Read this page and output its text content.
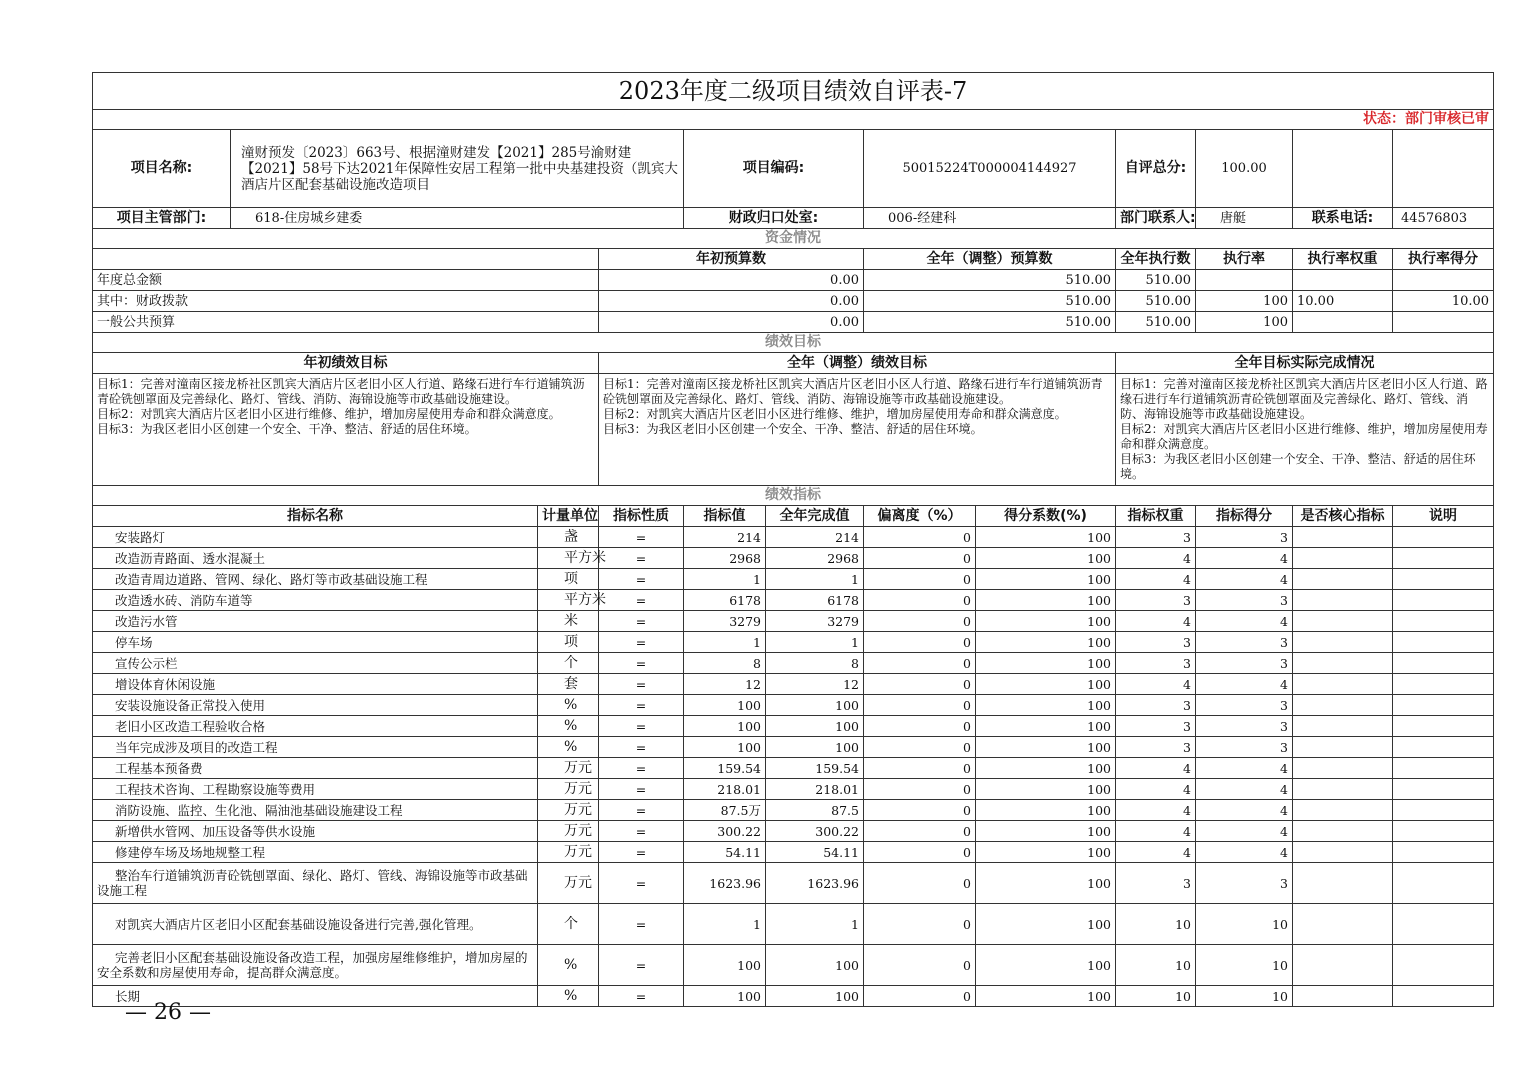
2023年度二级项目绩效自评表-7											
状态：部门审核已审											
项目名称:	潼财预发〔2023〕663号、根据潼财建发【2021】285号渝财建【2021】58号下达2021年保障性安居工程第一批中央基建投资（凯宾大酒店片区配套基础设施改造项目			项目编码:		50015224T000004144927		自评总分:	100.00		
项目主管部门:	618-住房城乡建委			财政归口处室:		006-经建科		部门联系人:	唐艇	联系电话:	44576803
资金情况											
			年初预算数			全年（调整）预算数		全年执行数	执行率	执行率权重	执行率得分
年度总金额			0.00			510.00		510.00			
其中：财政拨款			0.00			510.00		510.00	100	10.00	10.00
一般公共预算			0.00			510.00		510.00	100		
绩效目标											
年初绩效目标			全年（调整）绩效目标					全年目标实际完成情况			
目标1：完善对潼南区接龙桥社区凯宾大酒店片区老旧小区人行道、路缘石进行车行道铺筑沥青砼铣刨罩面及完善绿化、路灯、管线、消防、海锦设施等市政基础设施建设。
目标2：对凯宾大酒店片区老旧小区进行维修、维护，增加房屋使用寿命和群众满意度。
目标3：为我区老旧小区创建一个安全、干净、整洁、舒适的居住环境。			目标1：完善对潼南区接龙桥社区凯宾大酒店片区老旧小区人行道、路缘石进行车行道铺筑沥青砼铣刨罩面及完善绿化、路灯、管线、消防、海锦设施等市政基础设施建设。
目标2：对凯宾大酒店片区老旧小区进行维修、维护，增加房屋使用寿命和群众满意度。
目标3：为我区老旧小区创建一个安全、干净、整洁、舒适的居住环境。					目标1：完善对潼南区接龙桥社区凯宾大酒店片区老旧小区人行道、路缘石进行车行道铺筑沥青砼铣刨罩面及完善绿化、路灯、管线、消防、海锦设施等市政基础设施建设。
目标2：对凯宾大酒店片区老旧小区进行维修、维护，增加房屋使用寿命和群众满意度。
目标3：为我区老旧小区创建一个安全、干净、整洁、舒适的居住环境。			
绩效指标											
指标名称		计量单位	指标性质	指标值	全年完成值	偏离度（%）	得分系数(%)	指标权重	指标得分	是否核心指标	说明
安装路灯		盏	=	214	214	0	100	3	3		
改造沥青路面、透水混凝土		平方米	=	2968	2968	0	100	4	4		
改造青周边道路、管网、绿化、路灯等市政基础设施工程		项	=	1	1	0	100	4	4		
改造透水砖、消防车道等		平方米	=	6178	6178	0	100	3	3		
改造污水管		米	=	3279	3279	0	100	4	4		
停车场		项	=	1	1	0	100	3	3		
宣传公示栏		个	=	8	8	0	100	3	3		
增设体育休闲设施		套	=	12	12	0	100	4	4		
安装设施设备正常投入使用		%	=	100	100	0	100	3	3		
老旧小区改造工程验收合格		%	=	100	100	0	100	3	3		
当年完成涉及项目的改造工程		%	=	100	100	0	100	3	3		
工程基本预备费		万元	=	159.54	159.54	0	100	4	4		
工程技术咨询、工程勘察设施等费用		万元	=	218.01	218.01	0	100	4	4		
消防设施、监控、生化池、隔油池基础设施建设工程		万元	=	87.5万	87.5	0	100	4	4		
新增供水管网、加压设备等供水设施		万元	=	300.22	300.22	0	100	4	4		
修建停车场及场地规整工程		万元	=	54.11	54.11	0	100	4	4		
整治车行道铺筑沥青砼铣刨罩面、绿化、路灯、管线、海锦设施等市政基础设施工程		万元	=	1623.96	1623.96	0	100	3	3		
对凯宾大酒店片区老旧小区配套基础设施设备进行完善,强化管理。		个	=	1	1	0	100	10	10		
完善老旧小区配套基础设施设备改造工程，加强房屋维修维护，增加房屋的安全系数和房屋使用寿命，提高群众满意度。		%	=	100	100	0	100	10	10		
长期		%	=	100	100	0	100	10	10		
— 26 —
